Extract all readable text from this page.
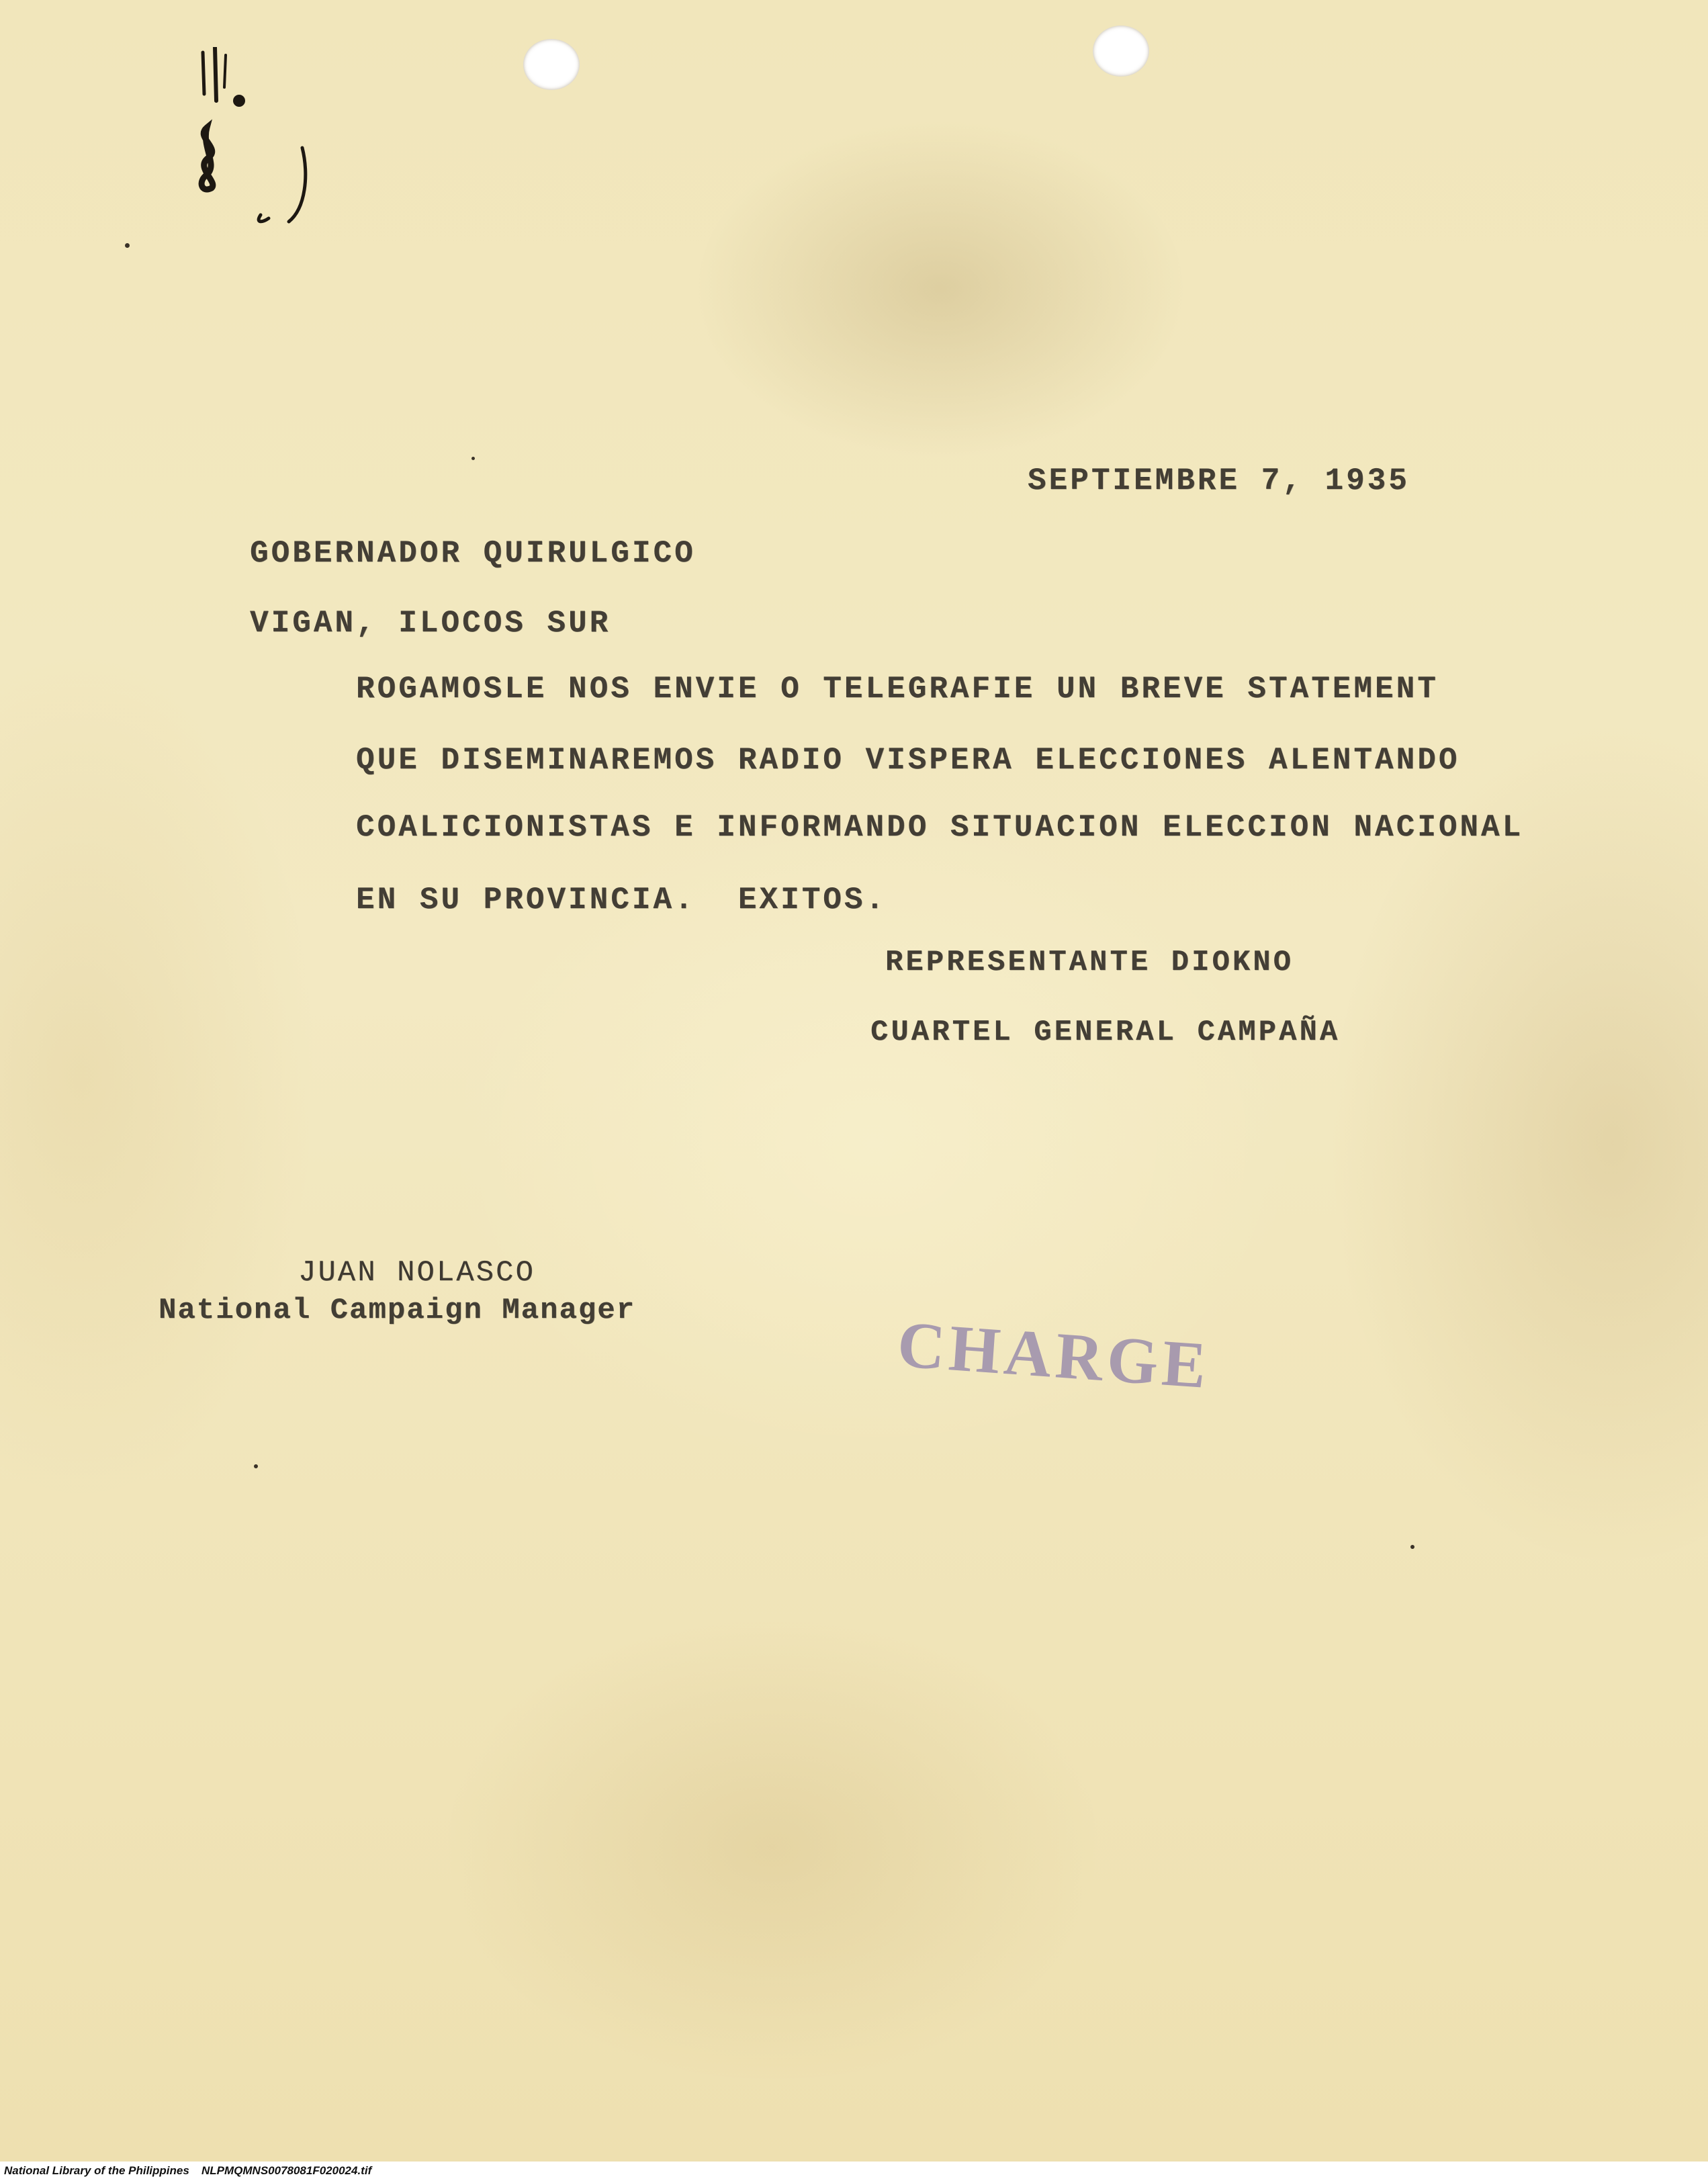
SEPTIEMBRE 7, 1935
GOBERNADOR QUIRULGICO
VIGAN, ILOCOS SUR
ROGAMOSLE NOS ENVIE O TELEGRAFIE UN BREVE STATEMENT
QUE DISEMINAREMOS RADIO VISPERA ELECCIONES ALENTANDO
COALICIONISTAS E INFORMANDO SITUACION ELECCION NACIONAL
EN SU PROVINCIA.  EXITOS.
REPRESENTANTE DIOKNO
CUARTEL GENERAL CAMPAÑA
JUAN NOLASCO
National Campaign Manager	CHARGE
National Library of the Philippines NLPMQMNS0078081F020024.tif
